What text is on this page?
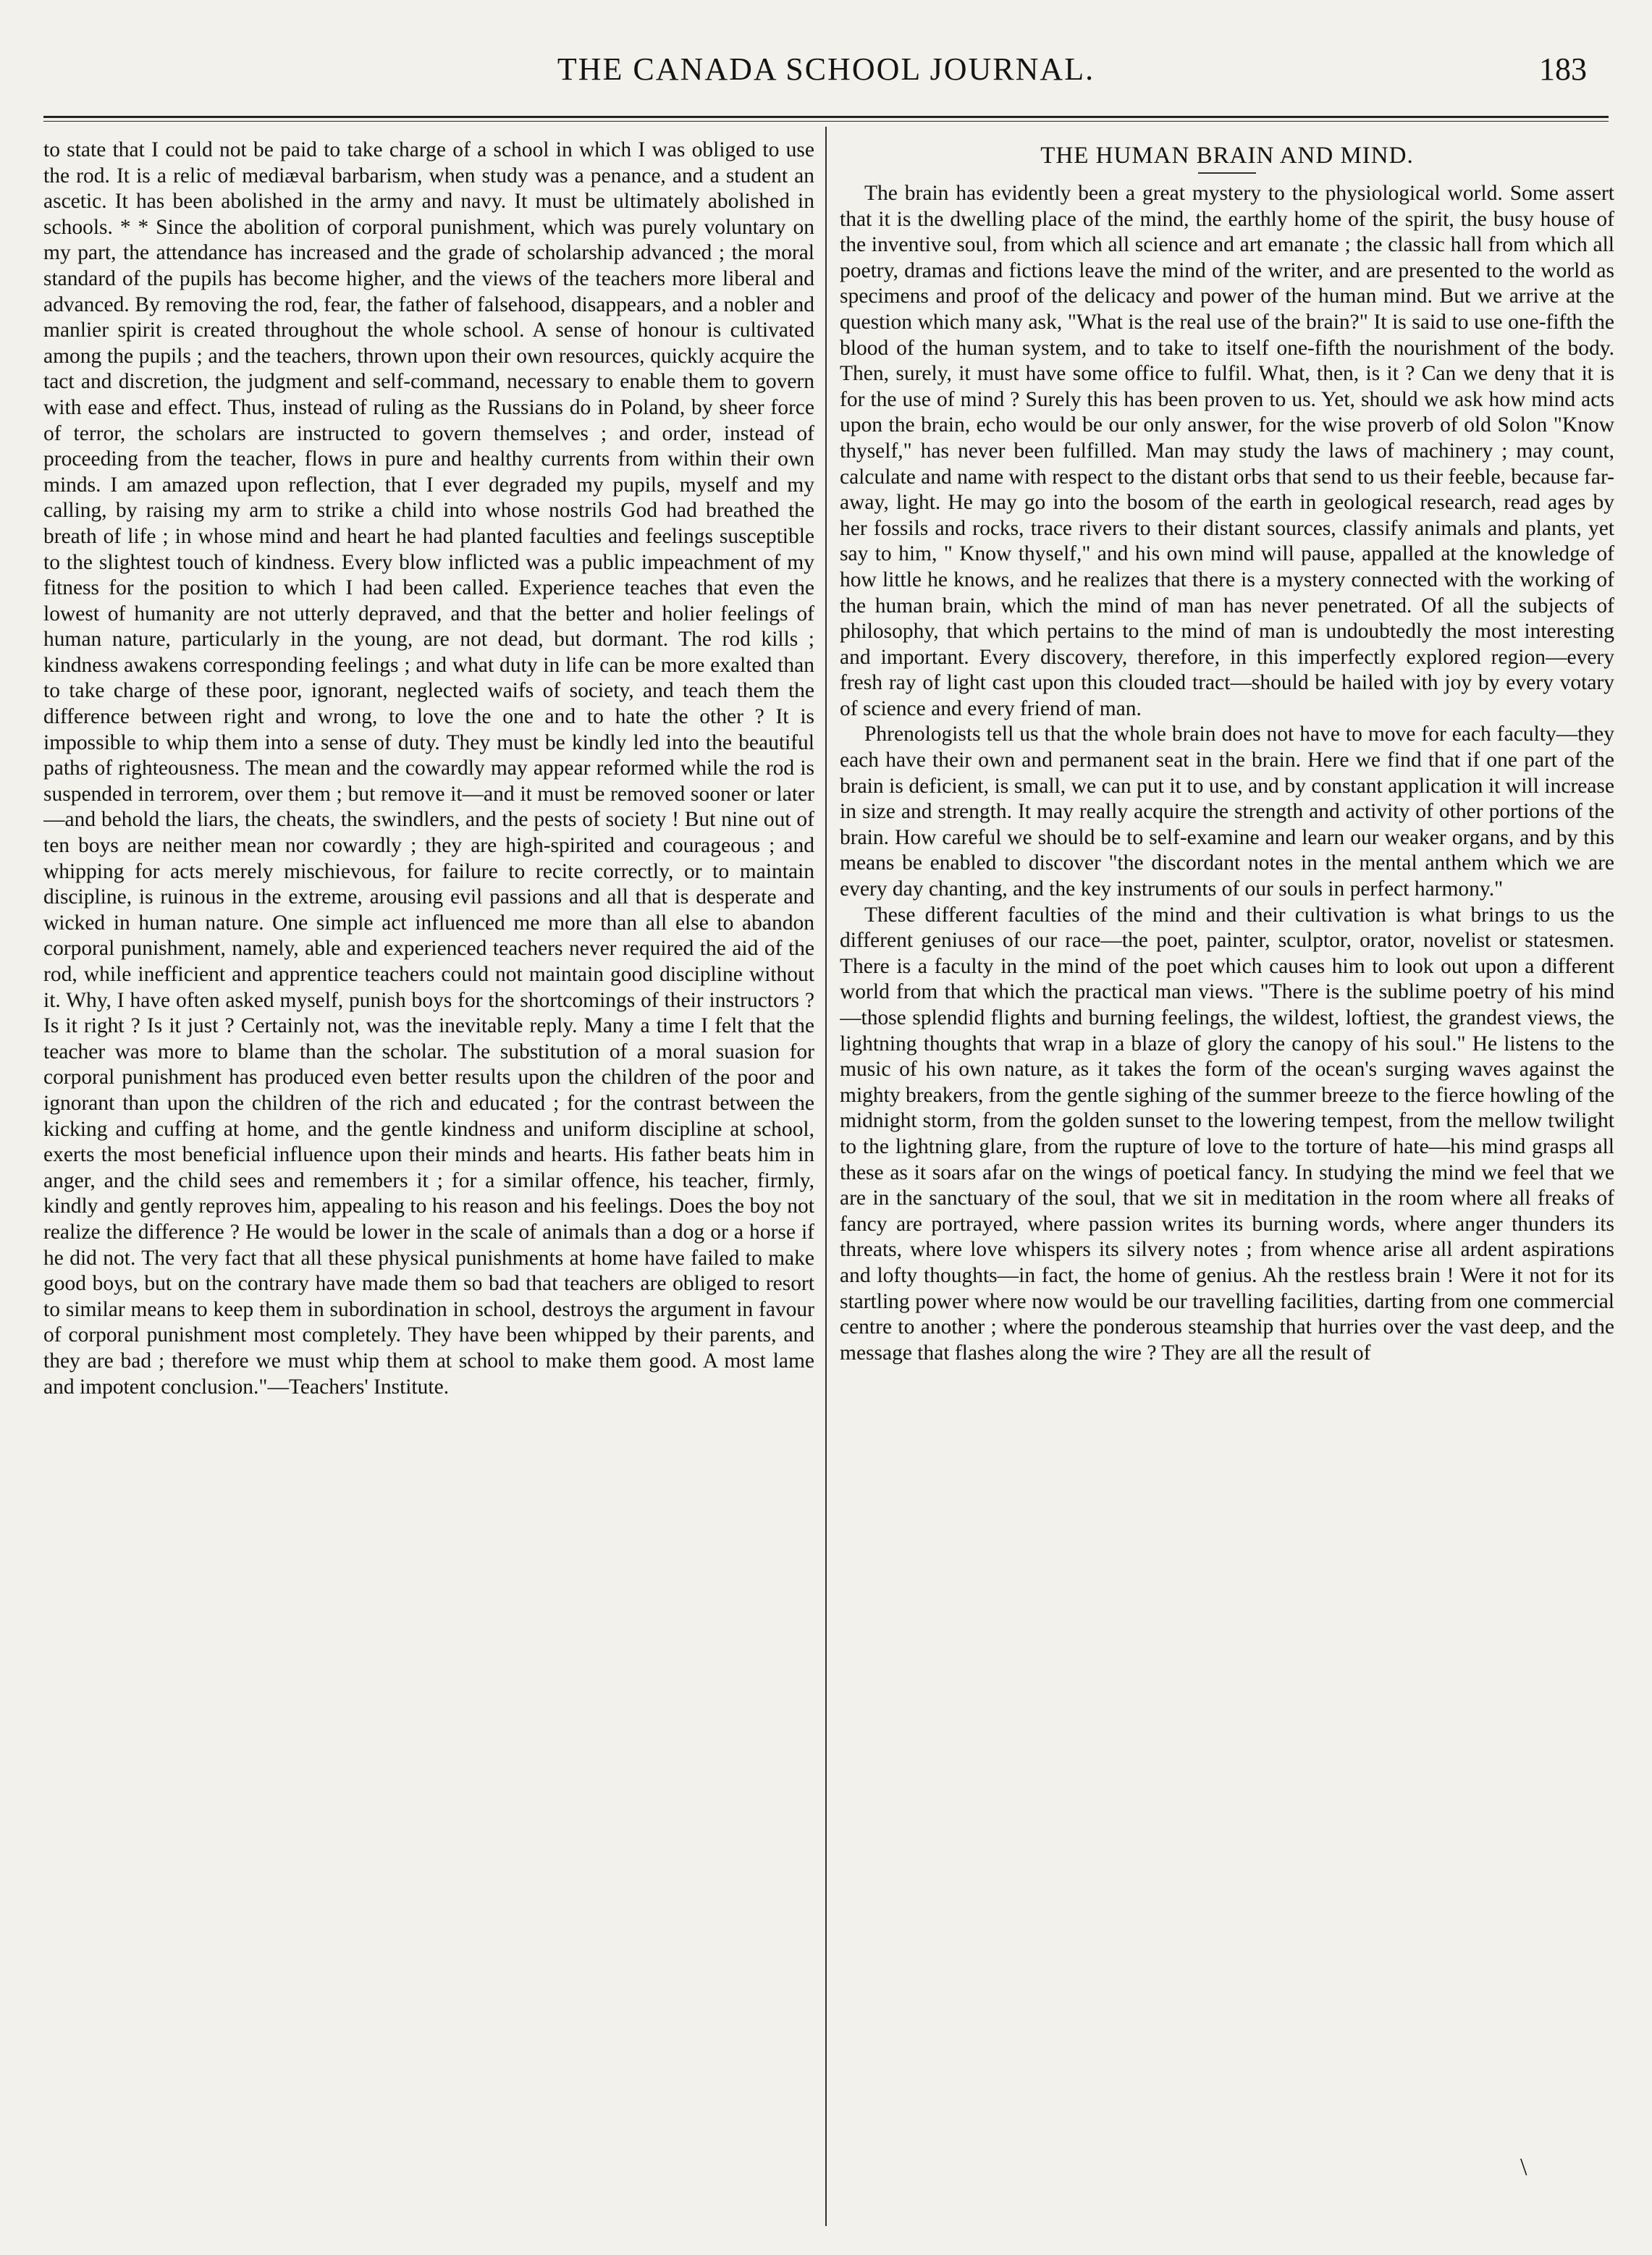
THE CANADA SCHOOL JOURNAL.	183

to state that I could not be paid to take charge of a school in which I was obliged to use the rod. It is a relic of mediæval barbarism, when study was a penance, and a student an ascetic. It has been abolished in the army and navy. It must be ultimately abolished in schools. * * Since the abolition of corporal punishment, which was purely voluntary on my part, the attendance has increased and the grade of scholarship advanced ; the moral standard of the pupils has become higher, and the views of the teachers more liberal and advanced. By removing the rod, fear, the father of falsehood, disappears, and a nobler and manlier spirit is created throughout the whole school. A sense of honour is cultivated among the pupils ; and the teachers, thrown upon their own resources, quickly acquire the tact and discretion, the judgment and self-command, necessary to enable them to govern with ease and effect. Thus, instead of ruling as the Russians do in Poland, by sheer force of terror, the scholars are instructed to govern themselves ; and order, instead of proceeding from the teacher, flows in pure and healthy currents from within their own minds. I am amazed upon reflection, that I ever degraded my pupils, myself and my calling, by raising my arm to strike a child into whose nostrils God had breathed the breath of life ; in whose mind and heart he had planted faculties and feelings susceptible to the slightest touch of kindness. Every blow inflicted was a public impeachment of my fitness for the position to which I had been called. Experience teaches that even the lowest of humanity are not utterly depraved, and that the better and holier feelings of human nature, particularly in the young, are not dead, but dormant. The rod kills ; kindness awakens corresponding feelings ; and what duty in life can be more exalted than to take charge of these poor, ignorant, neglected waifs of society, and teach them the difference between right and wrong, to love the one and to hate the other ? It is impossible to whip them into a sense of duty. They must be kindly led into the beautiful paths of righteousness. The mean and the cowardly may appear reformed while the rod is suspended in terrorem, over them ; but remove it—and it must be removed sooner or later—and behold the liars, the cheats, the swindlers, and the pests of society ! But nine out of ten boys are neither mean nor cowardly ; they are high-spirited and courageous ; and whipping for acts merely mischievous, for failure to recite correctly, or to maintain discipline, is ruinous in the extreme, arousing evil passions and all that is desperate and wicked in human nature. One simple act influenced me more than all else to abandon corporal punishment, namely, able and experienced teachers never required the aid of the rod, while inefficient and apprentice teachers could not maintain good discipline without it. Why, I have often asked myself, punish boys for the shortcomings of their instructors ? Is it right ? Is it just ? Certainly not, was the inevitable reply. Many a time I felt that the teacher was more to blame than the scholar. The substitution of a moral suasion for corporal punishment has produced even better results upon the children of the poor and ignorant than upon the children of the rich and educated ; for the contrast between the kicking and cuffing at home, and the gentle kindness and uniform discipline at school, exerts the most beneficial influence upon their minds and hearts. His father beats him in anger, and the child sees and remembers it ; for a similar offence, his teacher, firmly, kindly and gently reproves him, appealing to his reason and his feelings. Does the boy not realize the difference ? He would be lower in the scale of animals than a dog or a horse if he did not. The very fact that all these physical punishments at home have failed to make good boys, but on the contrary have made them so bad that teachers are obliged to resort to similar means to keep them in subordination in school, destroys the argument in favour of corporal punishment most completely. They have been whipped by their parents, and they are bad ; therefore we must whip them at school to make them good. A most lame and impotent conclusion."—Teachers' Institute.

THE HUMAN BRAIN AND MIND.

The brain has evidently been a great mystery to the physiological world. Some assert that it is the dwelling place of the mind, the earthly home of the spirit, the busy house of the inventive soul, from which all science and art emanate ; the classic hall from which all poetry, dramas and fictions leave the mind of the writer, and are presented to the world as specimens and proof of the delicacy and power of the human mind. But we arrive at the question which many ask, "What is the real use of the brain?" It is said to use one-fifth the blood of the human system, and to take to itself one-fifth the nourishment of the body. Then, surely, it must have some office to fulfil. What, then, is it ? Can we deny that it is for the use of mind ? Surely this has been proven to us. Yet, should we ask how mind acts upon the brain, echo would be our only answer, for the wise proverb of old Solon "Know thyself," has never been fulfilled. Man may study the laws of machinery ; may count, calculate and name with respect to the distant orbs that send to us their feeble, because far-away, light. He may go into the bosom of the earth in geological research, read ages by her fossils and rocks, trace rivers to their distant sources, classify animals and plants, yet say to him, " Know thyself," and his own mind will pause, appalled at the knowledge of how little he knows, and he realizes that there is a mystery connected with the working of the human brain, which the mind of man has never penetrated. Of all the subjects of philosophy, that which pertains to the mind of man is undoubtedly the most interesting and important. Every discovery, therefore, in this imperfectly explored region—every fresh ray of light cast upon this clouded tract—should be hailed with joy by every votary of science and every friend of man.

Phrenologists tell us that the whole brain does not have to move for each faculty—they each have their own and permanent seat in the brain. Here we find that if one part of the brain is deficient, is small, we can put it to use, and by constant application it will increase in size and strength. It may really acquire the strength and activity of other portions of the brain. How careful we should be to self-examine and learn our weaker organs, and by this means be enabled to discover "the discordant notes in the mental anthem which we are every day chanting, and the key instruments of our souls in perfect harmony."

These different faculties of the mind and their cultivation is what brings to us the different geniuses of our race—the poet, painter, sculptor, orator, novelist or statesmen. There is a faculty in the mind of the poet which causes him to look out upon a different world from that which the practical man views. "There is the sublime poetry of his mind—those splendid flights and burning feelings, the wildest, loftiest, the grandest views, the lightning thoughts that wrap in a blaze of glory the canopy of his soul." He listens to the music of his own nature, as it takes the form of the ocean's surging waves against the mighty breakers, from the gentle sighing of the summer breeze to the fierce howling of the midnight storm, from the golden sunset to the lowering tempest, from the mellow twilight to the lightning glare, from the rupture of love to the torture of hate—his mind grasps all these as it soars afar on the wings of poetical fancy. In studying the mind we feel that we are in the sanctuary of the soul, that we sit in meditation in the room where all freaks of fancy are portrayed, where passion writes its burning words, where anger thunders its threats, where love whispers its silvery notes ; from whence arise all ardent aspirations and lofty thoughts—in fact, the home of genius. Ah the restless brain ! Were it not for its startling power where now would be our travelling facilities, darting from one commercial centre to another ; where the ponderous steamship that hurries over the vast deep, and the message that flashes along the wire ? They are all the result of

\
